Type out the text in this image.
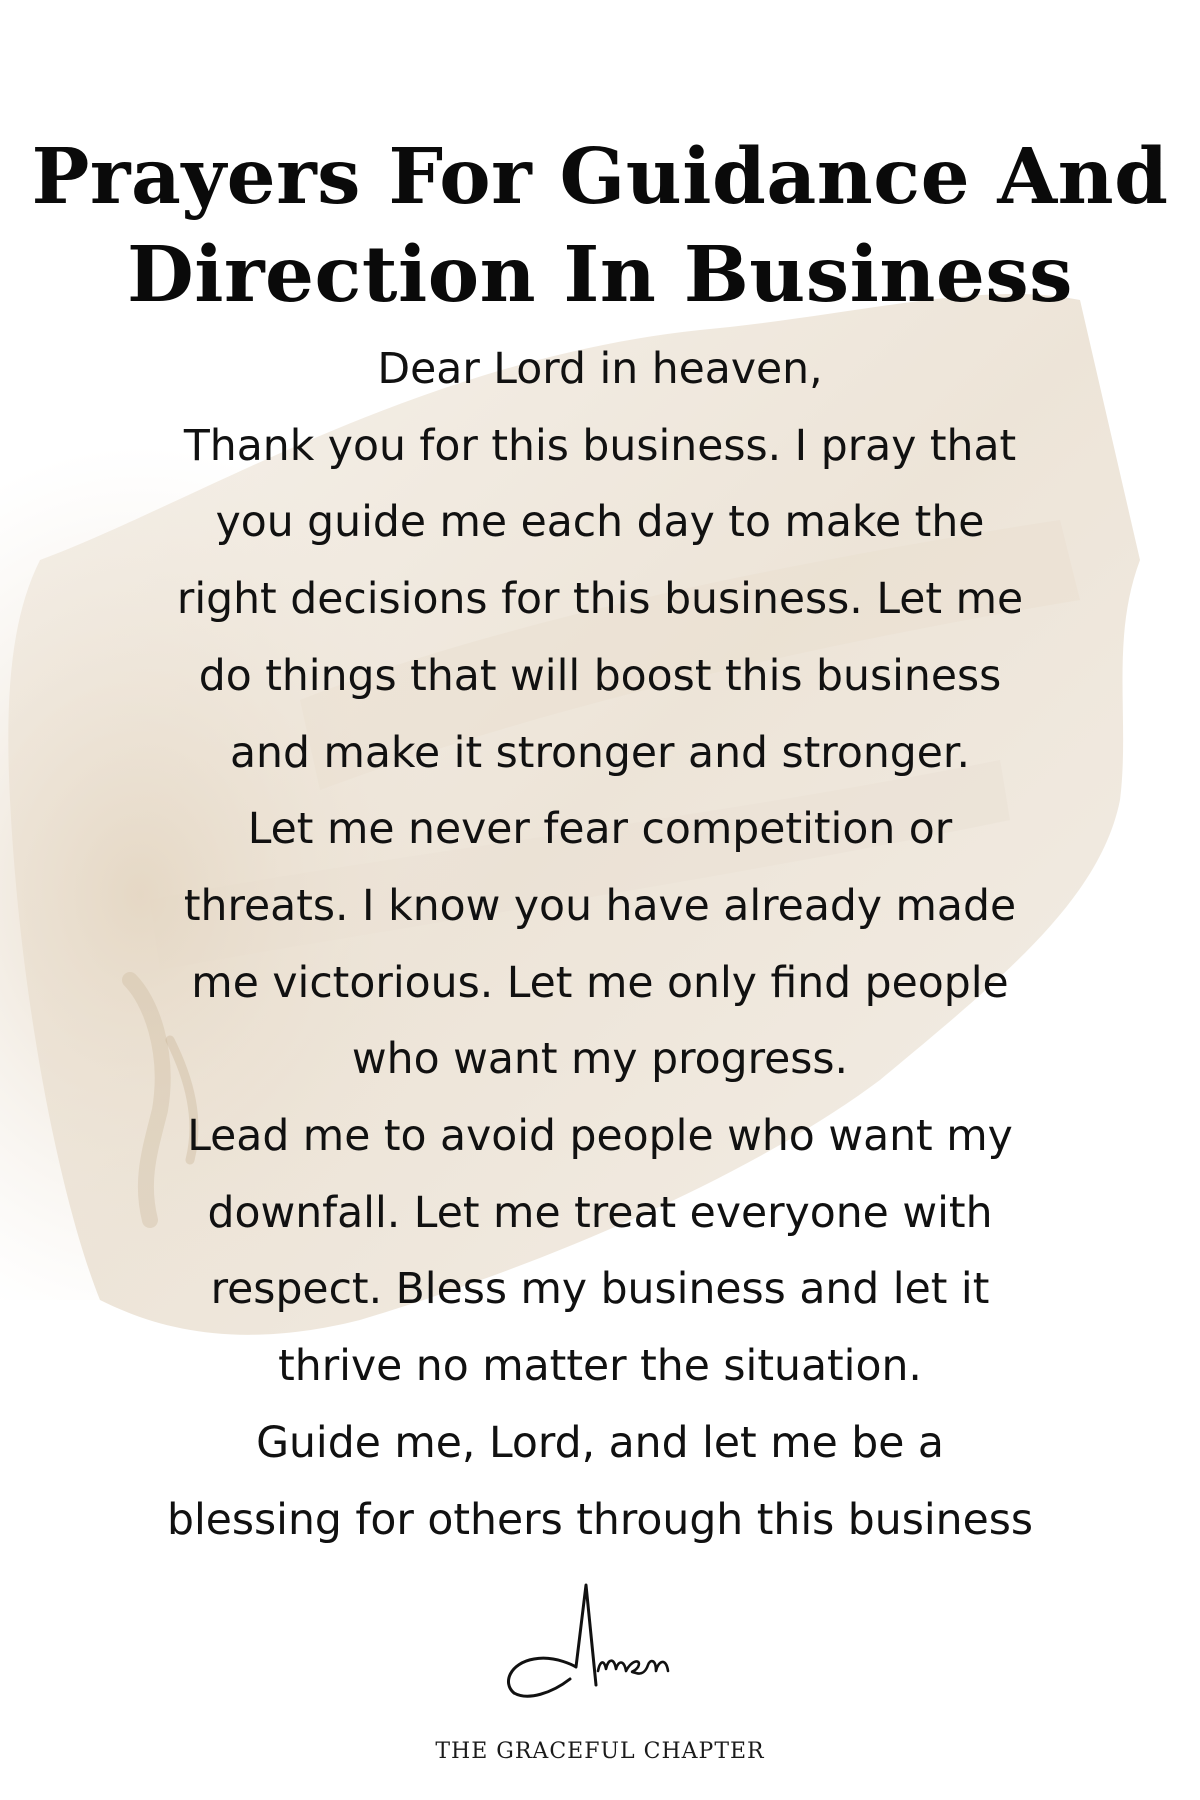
Prayers For Guidance And
Direction In Business
Dear Lord in heaven,
Thank you for this business. I pray that
you guide me each day to make the
right decisions for this business. Let me
do things that will boost this business
and make it stronger and stronger.
Let me never fear competition or
threats. I know you have already made
me victorious. Let me only find people
who want my progress.
Lead me to avoid people who want my
downfall. Let me treat everyone with
respect. Bless my business and let it
thrive no matter the situation.
Guide me, Lord, and let me be a
blessing for others through this business
THE GRACEFUL CHAPTER
